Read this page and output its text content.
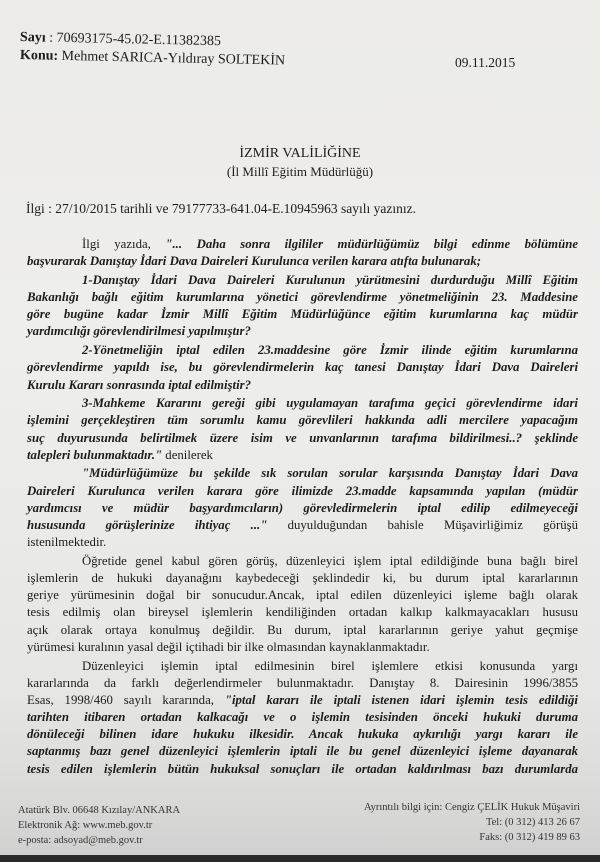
Sayı : 70693175-45.02-E.11382385
Konu: Mehmet SARICA-Yıldıray SOLTEKİN	09.11.2015
İZMİR VALİLİĞİNE
(İl Millî Eğitim Müdürlüğü)
İlgi : 27/10/2015 tarihli ve 79177733-641.04-E.10945963 sayılı yazınız.
İlgi yazıda, "... Daha sonra ilgililer müdürlüğümüz bilgi edinme bölümüne
başvurarak Danıştay İdari Dava Daireleri Kurulunca verilen karara atıfta bulunarak;
1-Danıştay İdari Dava Daireleri Kurulunun yürütmesini durdurduğu Millî Eğitim
Bakanlığı bağlı eğitim kurumlarına yönetici görevlendirme yönetmeliğinin 23. Maddesine
göre bugüne kadar İzmir Millî Eğitim Müdürlüğünce eğitim kurumlarına kaç müdür
yardımcılığı görevlendirilmesi yapılmıştır?
2-Yönetmeliğin iptal edilen 23.maddesine göre İzmir ilinde eğitim kurumlarına
görevlendirme yapıldı ise, bu görevlendirmelerin kaç tanesi Danıştay İdari Dava Daireleri
Kurulu Kararı sonrasında iptal edilmiştir?
3-Mahkeme Kararını gereği gibi uygulamayan tarafıma geçici görevlendirme idari
işlemini gerçekleştiren tüm sorumlu kamu görevlileri hakkında adli mercilere yapacağım
suç duyurusunda belirtilmek üzere isim ve unvanlarının tarafıma bildirilmesi..? şeklinde
talepleri bulunmaktadır." denilerek
"Müdürlüğümüze bu şekilde sık sorulan sorular karşısında Danıştay İdari Dava
Daireleri Kurulunca verilen karara göre ilimizde 23.madde kapsamında yapılan (müdür
yardımcısı ve müdür başyardımcıların) görevledirmelerin iptal edilip edilmeyeceği
hususunda görüşlerinize ihtiyaç ..." duyulduğundan bahisle Müşavirliğimiz görüşü
istenilmektedir.
Öğretide genel kabul gören görüş, düzenleyici işlem iptal edildiğinde buna bağlı birel
işlemlerin de hukuki dayanağını kaybedeceği şeklindedir ki, bu durum iptal kararlarının
geriye yürümesinin doğal bir sonucudur.Ancak, iptal edilen düzenleyici işleme bağlı olarak
tesis edilmiş olan bireysel işlemlerin kendiliğinden ortadan kalkıp kalkmayacakları hususu
açık olarak ortaya konulmuş değildir. Bu durum, iptal kararlarının geriye yahut geçmişe
yürümesi kuralının yasal değil içtihadi bir ilke olmasından kaynaklanmaktadır.
Düzenleyici işlemin iptal edilmesinin birel işlemlere etkisi konusunda yargı
kararlarında da farklı değerlendirmeler bulunmaktadır. Danıştay 8. Dairesinin 1996/3855
Esas, 1998/460 sayılı kararında, "iptal kararı ile iptali istenen idari işlemin tesis edildiği
tarihten itibaren ortadan kalkacağı ve o işlemin tesisinden önceki hukuki duruma
dönüleceği bilinen idare hukuku ilkesidir. Ancak hukuka aykırılığı yargı kararı ile
saptanmış bazı genel düzenleyici işlemlerin iptali ile bu genel düzenleyici işleme dayanarak
tesis edilen işlemlerin bütün hukuksal sonuçları ile ortadan kaldırılması bazı durumlarda
Atatürk Blv. 06648 Kızılay/ANKARA
Elektronik Ağ: www.meb.gov.tr
e-posta: adsoyad@meb.gov.tr
Ayrıntılı bilgi için: Cengiz ÇELİK Hukuk Müşaviri
Tel: (0 312) 413 26 67
Faks: (0 312) 419 89 63
